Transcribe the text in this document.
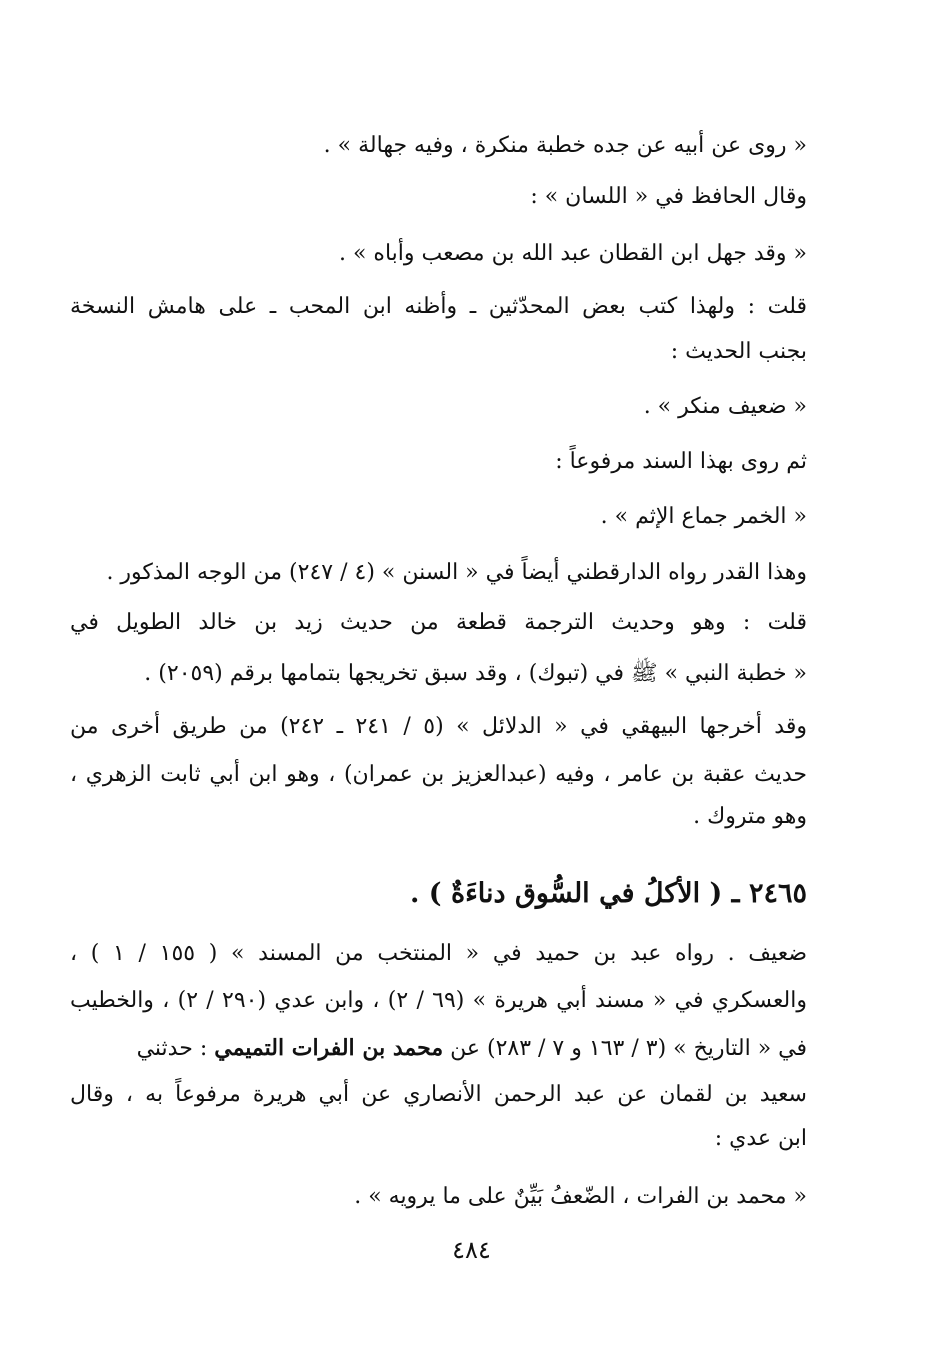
« روى عن أبيه عن جده خطبة منكرة ، وفيه جهالة » .
وقال الحافظ في « اللسان » :
« وقد جهل ابن القطان عبد الله بن مصعب وأباه » .
قلت : ولهذا كتب بعض المحدّثين ـ وأظنه ابن المحب ـ على هامش النسخة
بجنب الحديث :
« ضعيف منكر » .
ثم روى بهذا السند مرفوعاً :
« الخمر جماع الإثم » .
وهذا القدر رواه الدارقطني أيضاً في « السنن » (٤ / ٢٤٧) من الوجه المذكور .
قلت : وهو وحديث الترجمة قطعة من حديث زيد بن خالد الطويل في
« خطبة النبي » ﷺ في (تبوك) ، وقد سبق تخريجها بتمامها برقم (٢٠٥٩) .
وقد أخرجها البيهقي في « الدلائل » (٥ / ٢٤١ ـ ٢٤٢) من طريق أخرى من
حديث عقبة بن عامر ، وفيه (عبدالعزيز بن عمران) ، وهو ابن أبي ثابت الزهري ،
وهو متروك .
٢٤٦٥ ـ ( الأكلُ في السُّوق دناءَةٌ ) .
ضعيف . رواه عبد بن حميد في « المنتخب من المسند » ( ١٥٥ / ١ ) ،
والعسكري في « مسند أبي هريرة » (٦٩ / ٢) ، وابن عدي (٢٩٠ / ٢) ، والخطيب
في « التاريخ » (٣ / ١٦٣ و ٧ / ٢٨٣) عن محمد بن الفرات التميمي : حدثني
سعيد بن لقمان عن عبد الرحمن الأنصاري عن أبي هريرة مرفوعاً به ، وقال
ابن عدي :
« محمد بن الفرات ، الضّعفُ بَيِّنٌ على ما يرويه » .
٤٨٤
